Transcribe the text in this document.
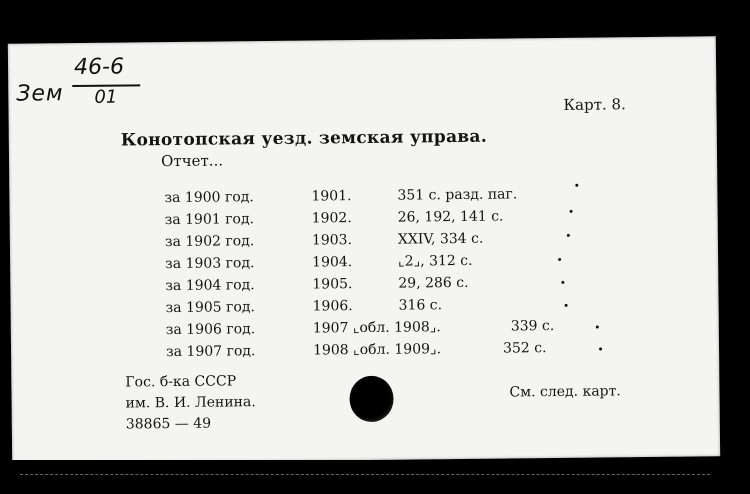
Зем
46-6
01	Карт. 8.
Конотопская уезд. земская управа.
Отчет...
за 1900 год.	1901.	351 с. разд. паг.
за 1901 год.	1902.	26, 192, 141 с.
за 1902 год.	1903.	XXIV, 334 с.
за 1903 год.	1904.	⌞2⌟, 312 с.
за 1904 год.	1905.	29, 286 с.
за 1905 год.	1906.	316 с.
за 1906 год.	1907 ⌞обл. 1908⌟.	339 с.
за 1907 год.	1908 ⌞обл. 1909⌟.	352 с.
Гос. б-ка СССР
им. В. И. Ленина.
38865 — 49
См. след. карт.
